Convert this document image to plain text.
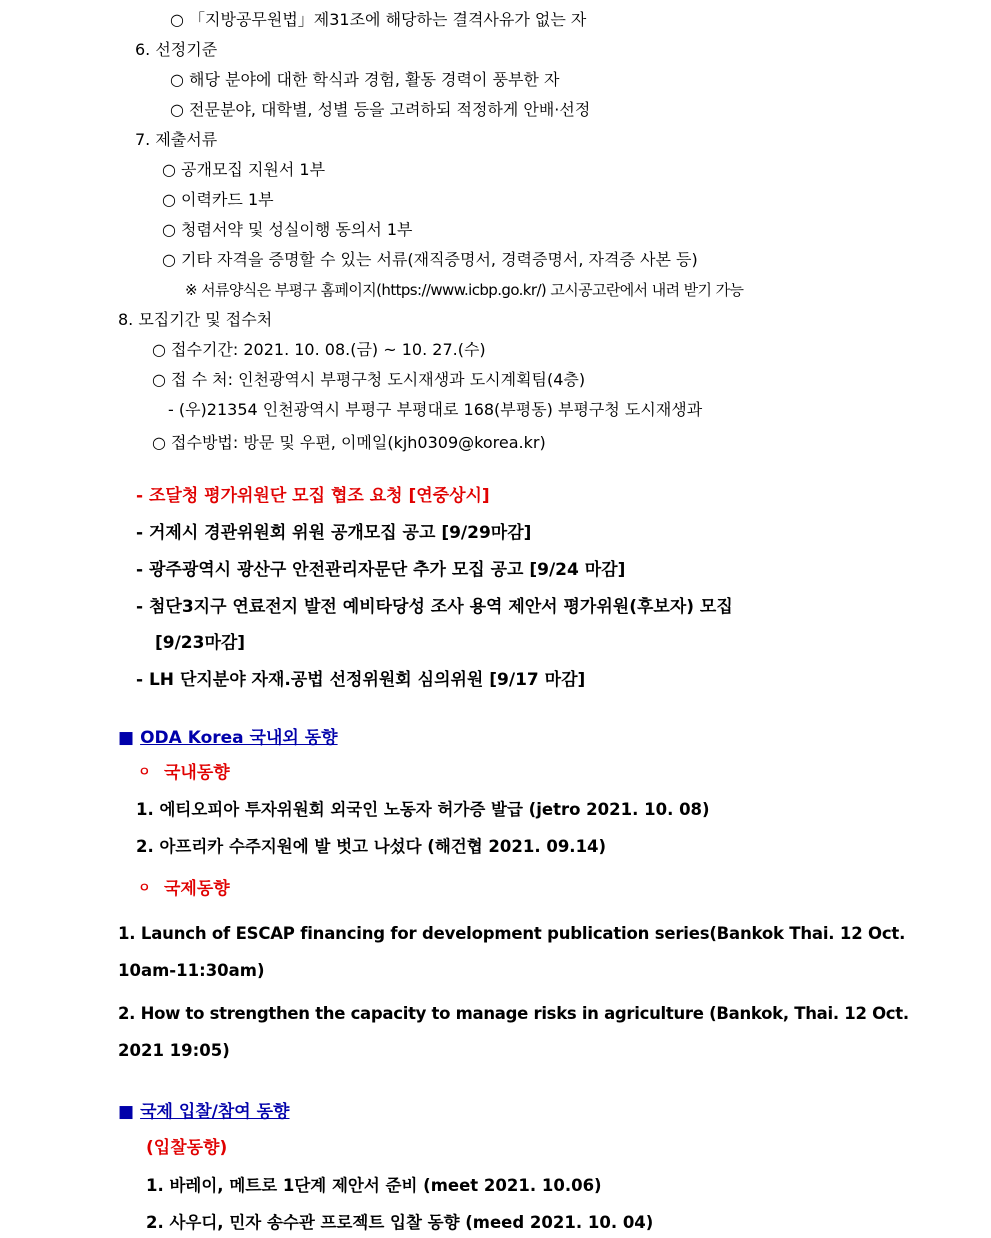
○ 「지방공무원법」제31조에 해당하는 결격사유가 없는 자
6. 선정기준
○ 해당 분야에 대한 학식과 경험, 활동 경력이 풍부한 자
○ 전문분야, 대학별, 성별 등을 고려하되 적정하게 안배·선정
7. 제출서류
○ 공개모집 지원서 1부
○ 이력카드 1부
○ 청렴서약 및 성실이행 동의서 1부
○ 기타 자격을 증명할 수 있는 서류(재직증명서, 경력증명서, 자격증 사본 등)
※ 서류양식은 부평구 홈페이지(https://www.icbp.go.kr/) 고시공고란에서 내려 받기 가능
8. 모집기간 및 접수처
○ 접수기간: 2021. 10. 08.(금) ~ 10. 27.(수)
○ 접 수 처: 인천광역시 부평구청 도시재생과 도시계획팀(4층)
- (우)21354 인천광역시 부평구 부평대로 168(부평동) 부평구청 도시재생과
○ 접수방법: 방문 및 우편, 이메일(kjh0309@korea.kr)
- 조달청 평가위원단 모집 협조 요청 [연중상시]
- 거제시 경관위원회 위원 공개모집 공고 [9/29마감]
- 광주광역시 광산구 안전관리자문단 추가 모집 공고 [9/24 마감]
- 첨단3지구 연료전지 발전 예비타당성 조사 용역 제안서 평가위원(후보자) 모집
[9/23마감]
- LH 단지분야 자재.공법 선정위원회 심의위원 [9/17 마감]
■ ODA Korea 국내외 동향
ㅇ 국내동향
1. 에티오피아 투자위원회 외국인 노동자 허가증 발급 (jetro 2021. 10. 08)
2. 아프리카 수주지원에 발 벗고 나섰다 (해건협 2021. 09.14)
ㅇ 국제동향
1. Launch of ESCAP financing for development publication series(Bankok Thai. 12 Oct.
10am-11:30am)
2. How to strengthen the capacity to manage risks in agriculture (Bankok, Thai. 12 Oct.
2021 19:05)
■ 국제 입찰/참여 동향
(입찰동향)
1. 바레이, 메트로 1단계 제안서 준비 (meet 2021. 10.06)
2. 사우디, 민자 송수관 프로젝트 입찰 동향 (meed 2021. 10. 04)
